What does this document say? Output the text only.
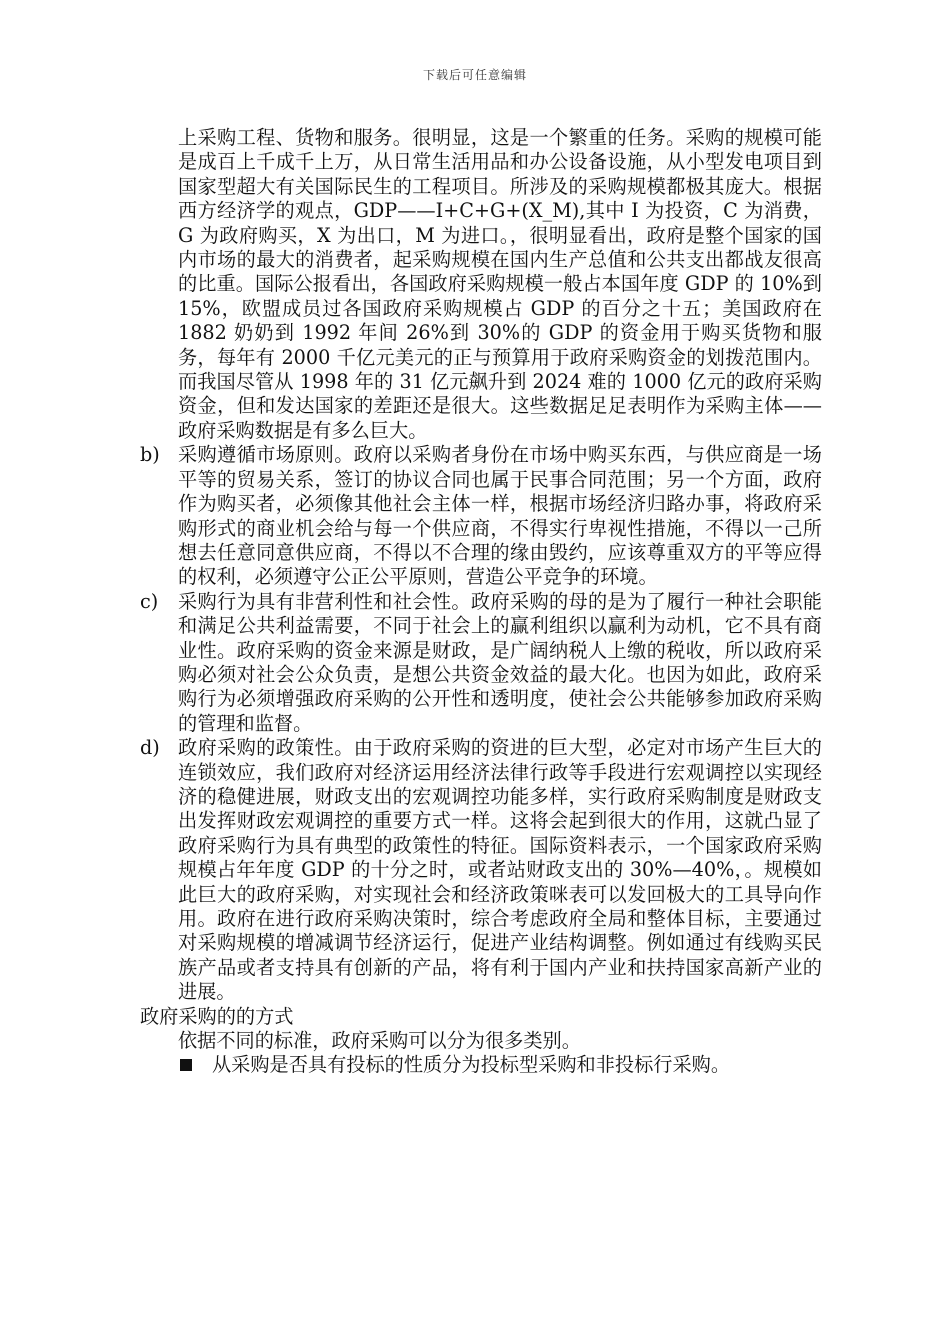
下载后可任意编辑

上采购工程、货物和服务。很明显，这是一个繁重的任务。采购的规模可能是成百上千成千上万，从日常生活用品和办公设备设施，从小型发电项目到国家型超大有关国际民生的工程项目。所涉及的采购规模都极其庞大。根据西方经济学的观点，GDP——I+C+G+(X_M),其中 I 为投资，C 为消费，G 为政府购买，X 为出口，M 为进口。，很明显看出，政府是整个国家的国内市场的最大的消费者，起采购规模在国内生产总值和公共支出都战友很高的比重。国际公报看出，各国政府采购规模一般占本国年度 GDP 的 10%到 15%，欧盟成员过各国政府采购规模占 GDP 的百分之十五；美国政府在 1882 奶奶到 1992 年间 26%到 30%的 GDP 的资金用于购买货物和服务，每年有 2000 千亿元美元的正与预算用于政府采购资金的划拨范围内。而我国尽管从 1998 年的 31 亿元飙升到 2024 难的 1000 亿元的政府采购资金，但和发达国家的差距还是很大。这些数据足足表明作为采购主体——政府采购数据是有多么巨大。

b) 采购遵循市场原则。政府以采购者身份在市场中购买东西，与供应商是一场平等的贸易关系，签订的协议合同也属于民事合同范围；另一个方面，政府作为购买者，必须像其他社会主体一样，根据市场经济归路办事，将政府采购形式的商业机会给与每一个供应商，不得实行卑视性措施，不得以一己所想去任意同意供应商，不得以不合理的缘由毁约，应该尊重双方的平等应得的权利，必须遵守公正公平原则，营造公平竞争的环境。
c) 采购行为具有非营利性和社会性。政府采购的母的是为了履行一种社会职能和满足公共利益需要，不同于社会上的赢利组织以赢利为动机，它不具有商业性。政府采购的资金来源是财政，是广阔纳税人上缴的税收，所以政府采购必须对社会公众负责，是想公共资金效益的最大化。也因为如此，政府采购行为必须增强政府采购的公开性和透明度，使社会公共能够参加政府采购的管理和监督。
d) 政府采购的政策性。由于政府采购的资进的巨大型，必定对市场产生巨大的连锁效应，我们政府对经济运用经济法律行政等手段进行宏观调控以实现经济的稳健进展，财政支出的宏观调控功能多样，实行政府采购制度是财政支出发挥财政宏观调控的重要方式一样。这将会起到很大的作用，这就凸显了政府采购行为具有典型的政策性的特征。国际资料表示，一个国家政府采购规模占年年度 GDP 的十分之时，或者站财政支出的 30%—40%，。规模如此巨大的政府采购，对实现社会和经济政策咪表可以发回极大的工具导向作用。政府在进行政府采购决策时，综合考虑政府全局和整体目标，主要通过对采购规模的增减调节经济运行，促进产业结构调整。例如通过有线购买民族产品或者支持具有创新的产品，将有利于国内产业和扶持国家高新产业的进展。

政府采购的的方式

依据不同的标准，政府采购可以分为很多类别。

从采购是否具有投标的性质分为投标型采购和非投标行采购。
